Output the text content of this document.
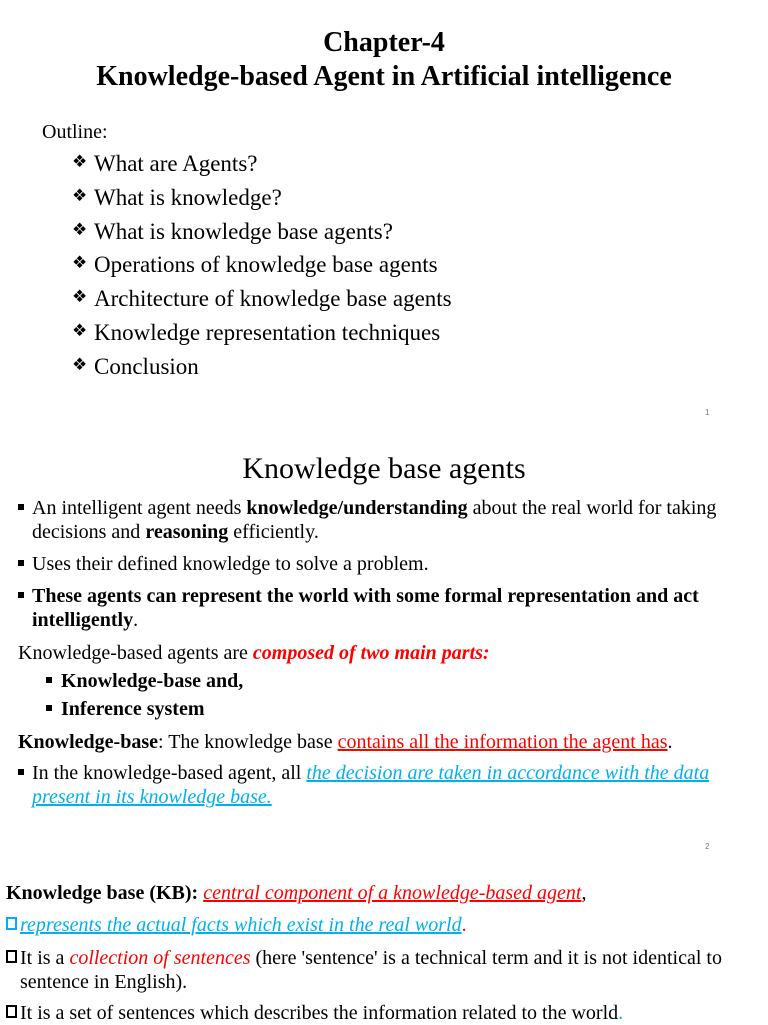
Chapter-4
Knowledge-based Agent in Artificial intelligence
Outline:
❖ What are Agents?
❖ What is knowledge?
❖ What is knowledge base agents?
❖ Operations of knowledge base agents
❖ Architecture of knowledge base agents
❖ Knowledge representation techniques
❖ Conclusion
1
Knowledge base agents
An intelligent agent needs knowledge/understanding about the real world for taking decisions and reasoning efficiently.
Uses their defined knowledge to solve a problem.
These agents can represent the world with some formal representation and act intelligently.
Knowledge-based agents are composed of two main parts:
Knowledge-base and,
Inference system
Knowledge-base: The knowledge base contains all the information the agent has.
In the knowledge-based agent, all the decision are taken in accordance with the data present in its knowledge base.
2
Knowledge base (KB): central component of a knowledge-based agent,
represents the actual facts which exist in the real world.
It is a collection of sentences (here 'sentence' is a technical term and it is not identical to sentence in English).
It is a set of sentences which describes the information related to the world.
